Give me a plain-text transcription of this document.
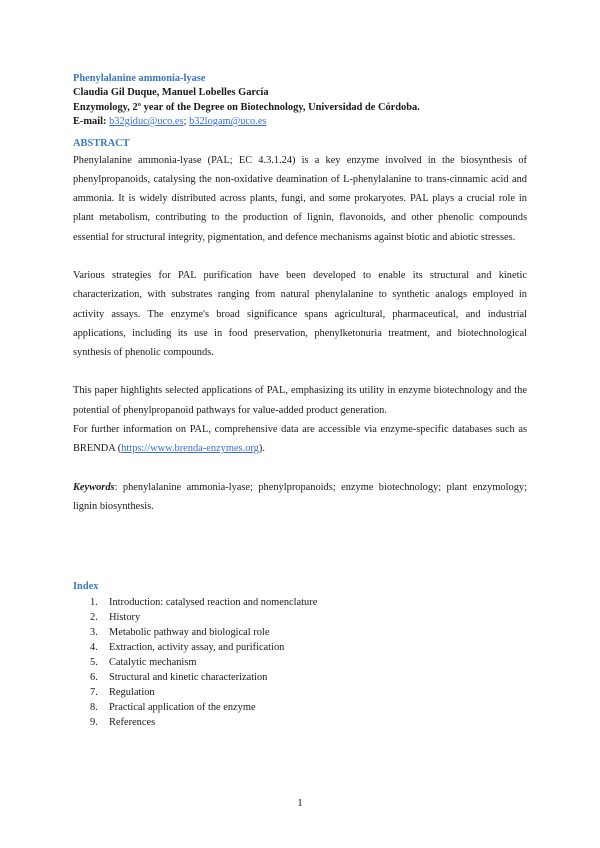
Phenylalanine ammonia-lyase
Claudia Gil Duque, Manuel Lobelles García
Enzymology, 2º year of the Degree on Biotechnology, Universidad de Córdoba.
E-mail: b32giduc@uco.es; b32logam@uco.es
ABSTRACT

Phenylalanine ammonia-lyase (PAL; EC 4.3.1.24) is a key enzyme involved in the biosynthesis of phenylpropanoids, catalysing the non-oxidative deamination of L-phenylalanine to trans-cinnamic acid and ammonia. It is widely distributed across plants, fungi, and some prokaryotes. PAL plays a crucial role in plant metabolism, contributing to the production of lignin, flavonoids, and other phenolic compounds essential for structural integrity, pigmentation, and defence mechanisms against biotic and abiotic stresses.

Various strategies for PAL purification have been developed to enable its structural and kinetic characterization, with substrates ranging from natural phenylalanine to synthetic analogs employed in activity assays. The enzyme's broad significance spans agricultural, pharmaceutical, and industrial applications, including its use in food preservation, phenylketonuria treatment, and biotechnological synthesis of phenolic compounds.

This paper highlights selected applications of PAL, emphasizing its utility in enzyme biotechnology and the potential of phenylpropanoid pathways for value-added product generation.

For further information on PAL, comprehensive data are accessible via enzyme-specific databases such as BRENDA (https://www.brenda-enzymes.org).

Keywords: phenylalanine ammonia-lyase; phenylpropanoids; enzyme biotechnology; plant enzymology; lignin biosynthesis.

Index
1.	Introduction: catalysed reaction and nomenclature
2.	History
3.	Metabolic pathway and biological role
4.	Extraction, activity assay, and purification
5.	Catalytic mechanism
6.	Structural and kinetic characterization
7.	Regulation
8.	Practical application of the enzyme
9.	References
1
